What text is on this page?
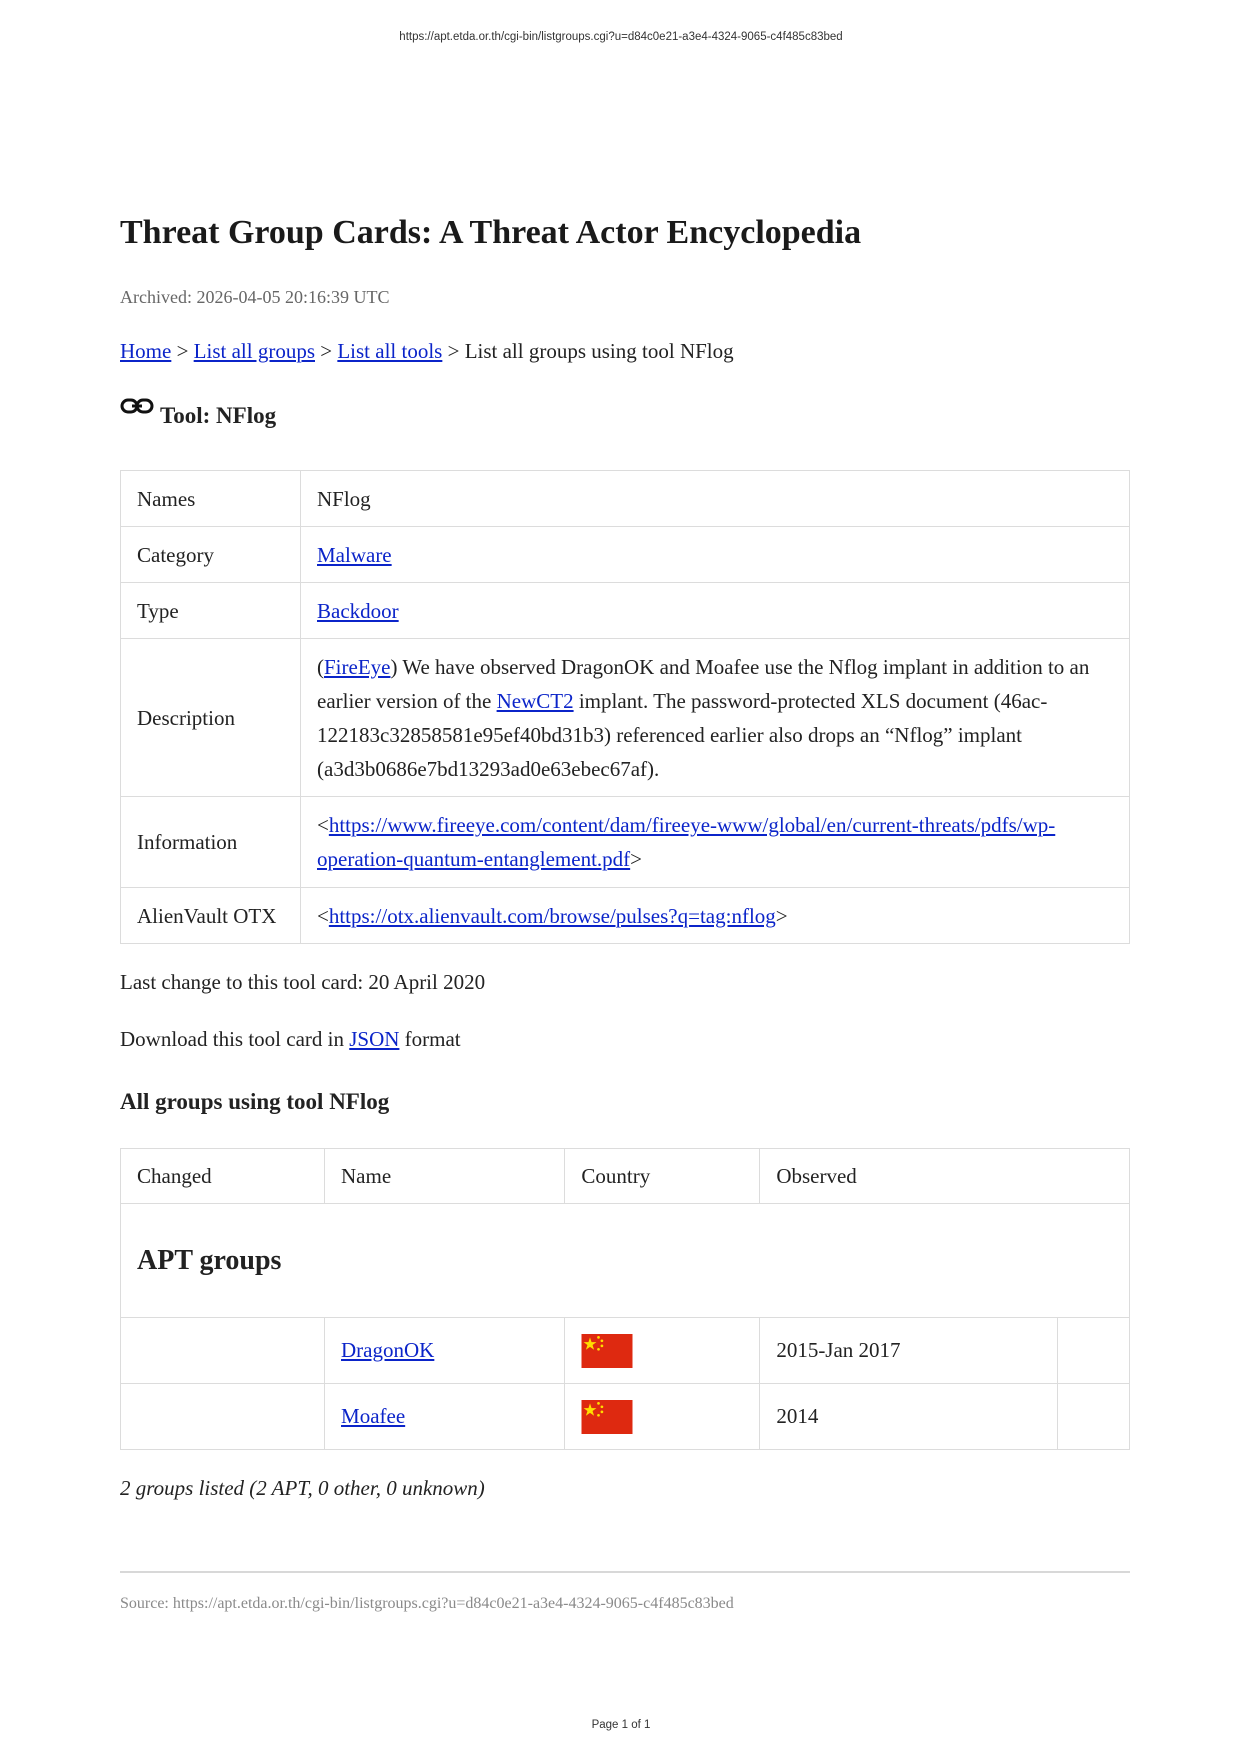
https://apt.etda.or.th/cgi-bin/listgroups.cgi?u=d84c0e21-a3e4-4324-9065-c4f485c83bed
Threat Group Cards: A Threat Actor Encyclopedia
Archived: 2026-04-05 20:16:39 UTC
Home > List all groups > List all tools > List all groups using tool NFlog
Tool: NFlog
Names	NFlog
Category	Malware
Type	Backdoor
Description	(FireEye) We have observed DragonOK and Moafee use the Nflog implant in addition to an earlier version of the NewCT2 implant. The password-protected XLS document (46ac-122183c32858581e95ef40bd31b3) referenced earlier also drops an “Nflog” implant (a3d3b0686e7bd13293ad0e63ebec67af).
Information	<https://www.fireeye.com/content/dam/fireeye-www/global/en/current-threats/pdfs/wp-operation-quantum-entanglement.pdf>
AlienVault OTX	<https://otx.alienvault.com/browse/pulses?q=tag:nflog>
Last change to this tool card: 20 April 2020
Download this tool card in JSON format
All groups using tool NFlog
Changed	Name	Country	Observed	
APT groups				
	DragonOK		2015-Jan 2017	
	Moafee		2014	
2 groups listed (2 APT, 0 other, 0 unknown)
Source: https://apt.etda.or.th/cgi-bin/listgroups.cgi?u=d84c0e21-a3e4-4324-9065-c4f485c83bed
Page 1 of 1
